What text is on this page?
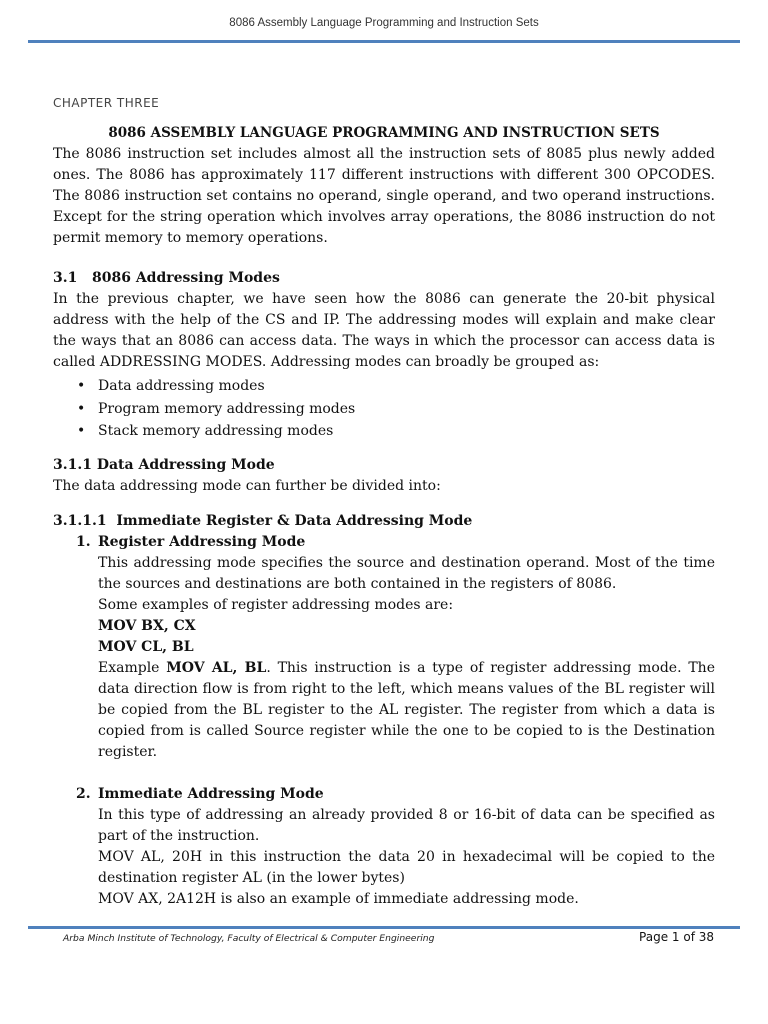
8086 Assembly Language Programming and Instruction Sets
CHAPTER THREE
8086 ASSEMBLY LANGUAGE PROGRAMMING AND INSTRUCTION SETS

The 8086 instruction set includes almost all the instruction sets of 8085 plus newly added ones. The 8086 has approximately 117 different instructions with different 300 OPCODES. The 8086 instruction set contains no operand, single operand, and two operand instructions. Except for the string operation which involves array operations, the 8086 instruction do not permit memory to memory operations.

3.1 8086 Addressing Modes

In the previous chapter, we have seen how the 8086 can generate the 20-bit physical address with the help of the CS and IP. The addressing modes will explain and make clear the ways that an 8086 can access data. The ways in which the processor can access data is called ADDRESSING MODES. Addressing modes can broadly be grouped as:

• Data addressing modes
• Program memory addressing modes
• Stack memory addressing modes
3.1.1 Data Addressing Mode

The data addressing mode can further be divided into:

3.1.1.1 Immediate Register & Data Addressing Mode
1. Register Addressing Mode

This addressing mode specifies the source and destination operand. Most of the time the sources and destinations are both contained in the registers of 8086.

Some examples of register addressing modes are:

MOV BX, CX
MOV CL, BL

Example MOV AL, BL. This instruction is a type of register addressing mode. The data direction flow is from right to the left, which means values of the BL register will be copied from the BL register to the AL register. The register from which a data is copied from is called Source register while the one to be copied to is the Destination register.

2. Immediate Addressing Mode

In this type of addressing an already provided 8 or 16-bit of data can be specified as part of the instruction.

MOV AL, 20H in this instruction the data 20 in hexadecimal will be copied to the destination register AL (in the lower bytes)

MOV AX, 2A12H is also an example of immediate addressing mode.

Arba Minch Institute of Technology, Faculty of Electrical & Computer Engineering	Page 1 of 38
